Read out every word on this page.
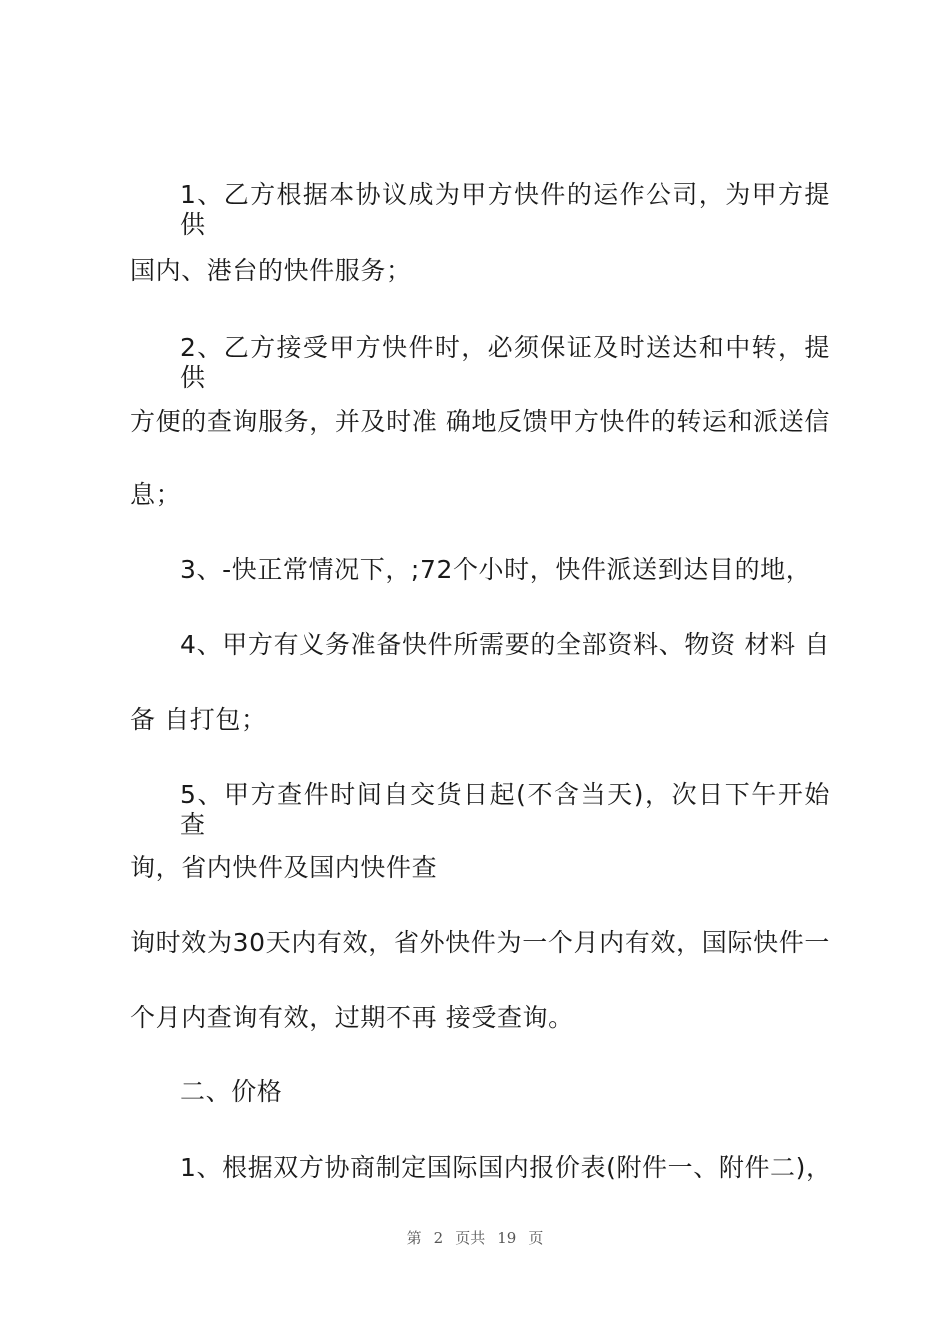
1、乙方根据本协议成为甲方快件的运作公司，为甲方提供
国内、港台的快件服务；
2、乙方接受甲方快件时，必须保证及时送达和中转，提供
方便的查询服务，并及时准 确地反馈甲方快件的转运和派送信
息；
3、-快正常情况下，;72个小时，快件派送到达目的地，
4、甲方有义务准备快件所需要的全部资料、物资 材料 自
备 自打包；
5、甲方查件时间自交货日起(不含当天)，次日下午开始查
询，省内快件及国内快件查
询时效为30天内有效，省外快件为一个月内有效，国际快件一
个月内查询有效，过期不再 接受查询。
二、价格
1、根据双方协商制定国际国内报价表(附件一、附件二)，
第 2 页共 19 页
